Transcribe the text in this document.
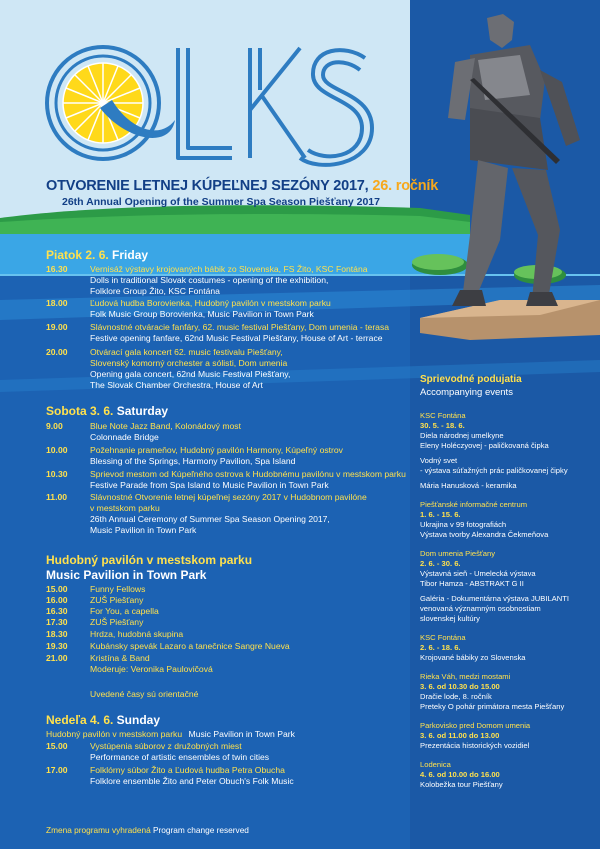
OTVORENIE LETNEJ KÚPEĽNEJ SEZÓNY 2017, 26. ročník
26th Annual Opening of the Summer Spa Season Piešťany 2017
Piatok 2. 6. Friday
16.30	Vernisáž výstavy krojovaných bábik zo Slovenska, FS Žito, KSC Fontána
Dolls in traditional Slovak costumes - opening of the exhibition,
Folklore Group Žito, KSC Fontána
18.00	Ľudová hudba Borovienka, Hudobný pavilón v mestskom parku
Folk Music Group Borovienka, Music Pavilion in Town Park
19.00	Slávnostné otváracie fanfáry, 62. music festival Piešťany, Dom umenia - terasa
Festive opening fanfare, 62nd Music Festival Piešťany, House of Art - terrace
20.00	Otvárací gala koncert 62. music festivalu Piešťany,
Slovenský komorný orchester a sólisti, Dom umenia
Opening gala concert, 62nd Music Festival Piešťany,
The Slovak Chamber Orchestra, House of Art
Sobota 3. 6. Saturday
9.00	Blue Note Jazz Band, Kolonádový most
Colonnade Bridge
10.00	Požehnanie prameňov, Hudobný pavilón Harmony, Kúpeľný ostrov
Blessing of the Springs, Harmony Pavilion, Spa Island
10.30	Sprievod mestom od Kúpeľného ostrova k Hudobnému pavilónu v mestskom parku
Festive Parade from Spa Island to Music Pavilion in Town Park
11.00	Slávnostné Otvorenie letnej kúpeľnej sezóny 2017 v Hudobnom pavilóne
v mestskom parku
26th Annual Ceremony of Summer Spa Season Opening 2017,
Music Pavilion in Town Park
Hudobný pavilón v mestskom parku
Music Pavilion in Town Park
15.00	Funny Fellows
16.00	ZUŠ Piešťany
16.30	For You, a capella
17.30	ZUŠ Piešťany
18.30	Hrdza, hudobná skupina
19.30	Kubánsky spevák Lazaro a tanečnice Sangre Nueva
21.00	Kristína & Band
Moderuje: Veronika Paulovičová
Uvedené časy sú orientačné
Nedeľa 4. 6. Sunday
Hudobný pavilón v mestskom parku Music Pavilion in Town Park
15.00	Vystúpenia súborov z družobných miest
Performance of artistic ensembles of twin cities
17.00	Folklórny súbor Žito a Ľudová hudba Petra Obucha
Folklore ensemble Žito and Peter Obuch's Folk Music
Sprievodné podujatia
Accompanying events
KSC Fontána
30. 5. - 18. 6.
Diela národnej umelkyne
Eleny Holéczyovej - paličkovaná čipka
Vodný svet
- výstava súťažných prác paličkovanej čipky
Mária Hanusková - keramika
Piešťanské informačné centrum
1. 6. - 15. 6.
Ukrajina v 99 fotografiách
Výstava tvorby Alexandra Čekmeňova
Dom umenia Piešťany
2. 6. - 30. 6.
Výstavná sieň - Umelecká výstava
Tibor Hamza - ABSTRAKT G II
Galéria - Dokumentárna výstava JUBILANTI
venovaná významným osobnostiam
slovenskej kultúry
KSC Fontána
2. 6. - 18. 6.
Krojované bábiky zo Slovenska
Rieka Váh, medzi mostami
3. 6. od 10.30 do 15.00
Dračie lode, 8. ročník
Preteky O pohár primátora mesta Piešťany
Parkovisko pred Domom umenia
3. 6. od 11.00 do 13.00
Prezentácia historických vozidiel
Lodenica
4. 6. od 10.00 do 16.00
Kolobežka tour Piešťany
Zmena programu vyhradená Program change reserved
